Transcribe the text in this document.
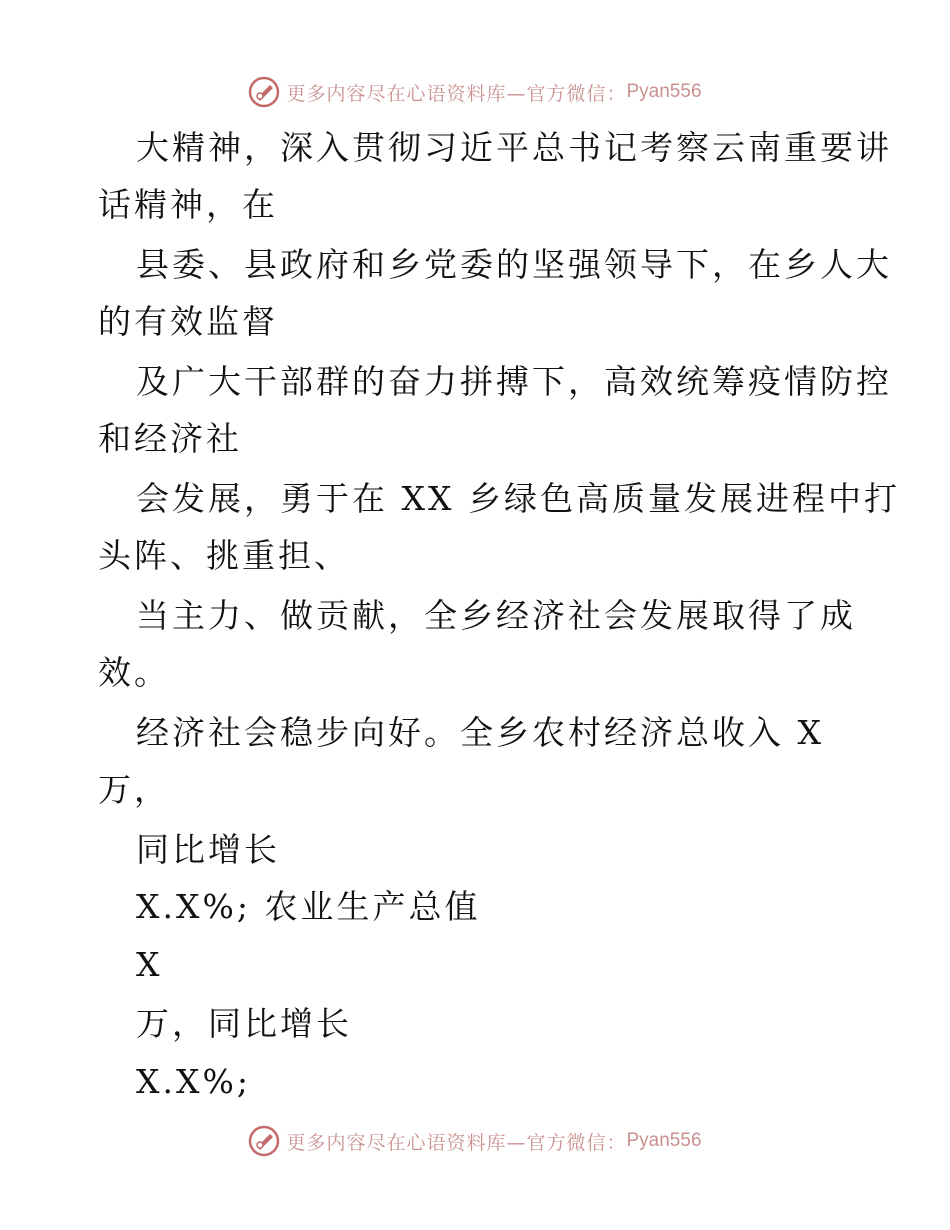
更多内容尽在心语资料库—官方微信： Pyan556
大精神，深入贯彻习近平总书记考察云南重要讲
话精神，在
县委、县政府和乡党委的坚强领导下，在乡人大
的有效监督
及广大干部群的奋力拼搏下，高效统筹疫情防控
和经济社
会发展，勇于在 XX 乡绿色高质量发展进程中打
头阵、挑重担、
当主力、做贡献，全乡经济社会发展取得了成
效。
经济社会稳步向好。全乡农村经济总收入 X
万，
同比增长
X.X%; 农业生产总值
X
万，同比增长
X.X%;
更多内容尽在心语资料库—官方微信： Pyan556
